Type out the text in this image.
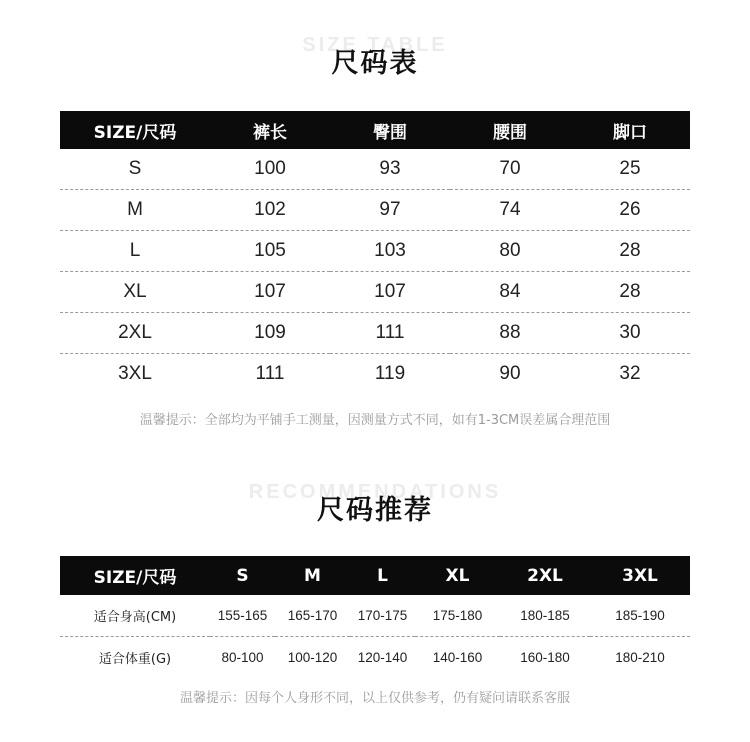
SIZE TABLE
尺码表
SIZE/尺码	裤长	臀围	腰围	脚口
S	100	93	70	25
M	102	97	74	26
L	105	103	80	28
XL	107	107	84	28
2XL	109	111	88	30
3XL	111	119	90	32
温馨提示：全部均为平铺手工测量，因测量方式不同，如有1-3CM误差属合理范围
RECOMMENDATIONS
尺码推荐
SIZE/尺码	S	M	L	XL	2XL	3XL
适合身高(CM)	155-165	165-170	170-175	175-180	180-185	185-190
适合体重(G)	80-100	100-120	120-140	140-160	160-180	180-210
温馨提示：因每个人身形不同，以上仅供参考，仍有疑问请联系客服
